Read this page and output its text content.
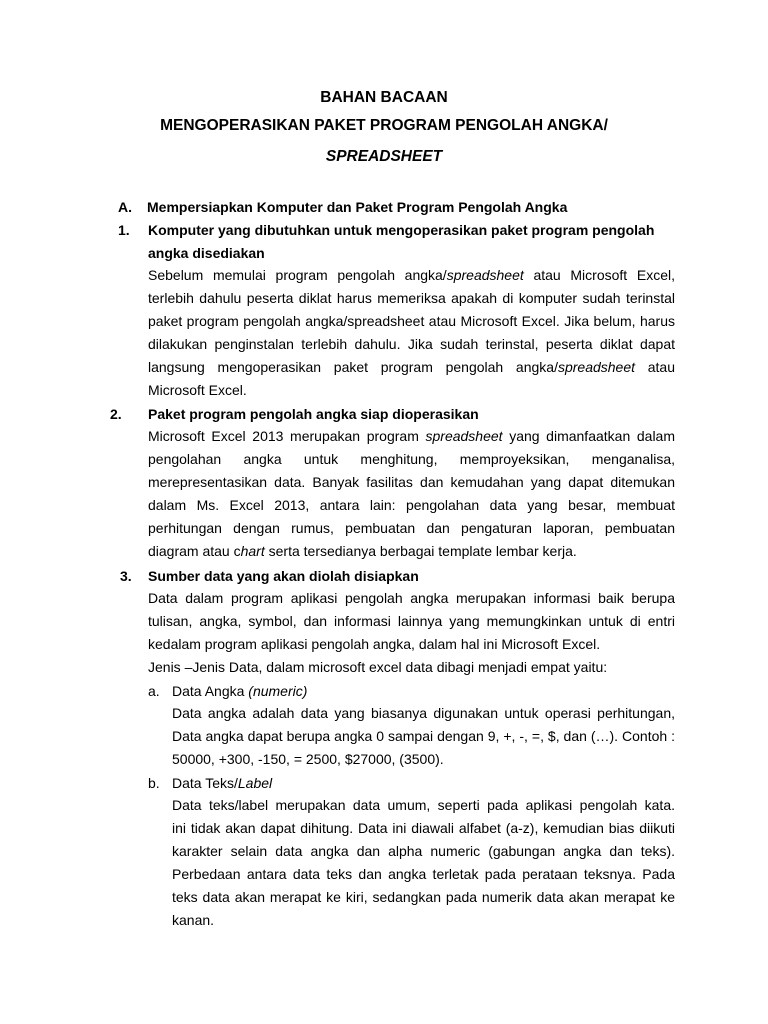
BAHAN BACAAN
MENGOPERASIKAN PAKET PROGRAM PENGOLAH ANGKA/
SPREADSHEET
A. Mempersiapkan Komputer dan Paket Program Pengolah Angka
1. Komputer yang dibutuhkan untuk mengoperasikan paket program pengolah
angka disediakan
Sebelum memulai program pengolah angka/spreadsheet atau Microsoft Excel,
terlebih dahulu peserta diklat harus memeriksa apakah di komputer sudah terinstal
paket program pengolah angka/spreadsheet atau Microsoft Excel. Jika belum, harus
dilakukan penginstalan terlebih dahulu. Jika sudah terinstal, peserta diklat dapat
langsung mengoperasikan paket program pengolah angka/spreadsheet atau
Microsoft Excel.
2. Paket program pengolah angka siap dioperasikan
Microsoft Excel 2013 merupakan program spreadsheet yang dimanfaatkan dalam
pengolahan angka untuk menghitung, memproyeksikan, menganalisa,
merepresentasikan data. Banyak fasilitas dan kemudahan yang dapat ditemukan
dalam Ms. Excel 2013, antara lain: pengolahan data yang besar, membuat
perhitungan dengan rumus, pembuatan dan pengaturan laporan, pembuatan
diagram atau chart serta tersedianya berbagai template lembar kerja.
3. Sumber data yang akan diolah disiapkan
Data dalam program aplikasi pengolah angka merupakan informasi baik berupa
tulisan, angka, symbol, dan informasi lainnya yang memungkinkan untuk di entri
kedalam program aplikasi pengolah angka, dalam hal ini Microsoft Excel.
Jenis –Jenis Data, dalam microsoft excel data dibagi menjadi empat yaitu:
a. Data Angka (numeric)
Data angka adalah data yang biasanya digunakan untuk operasi perhitungan,
Data angka dapat berupa angka 0 sampai dengan 9, +, -, =, $, dan (…). Contoh :
50000, +300, -150, = 2500, $27000, (3500).
b. Data Teks/Label
Data teks/label merupakan data umum, seperti pada aplikasi pengolah kata.
ini tidak akan dapat dihitung. Data ini diawali alfabet (a-z), kemudian bias diikuti
karakter selain data angka dan alpha numeric (gabungan angka dan teks).
Perbedaan antara data teks dan angka terletak pada perataan teksnya. Pada
teks data akan merapat ke kiri, sedangkan pada numerik data akan merapat ke
kanan.
